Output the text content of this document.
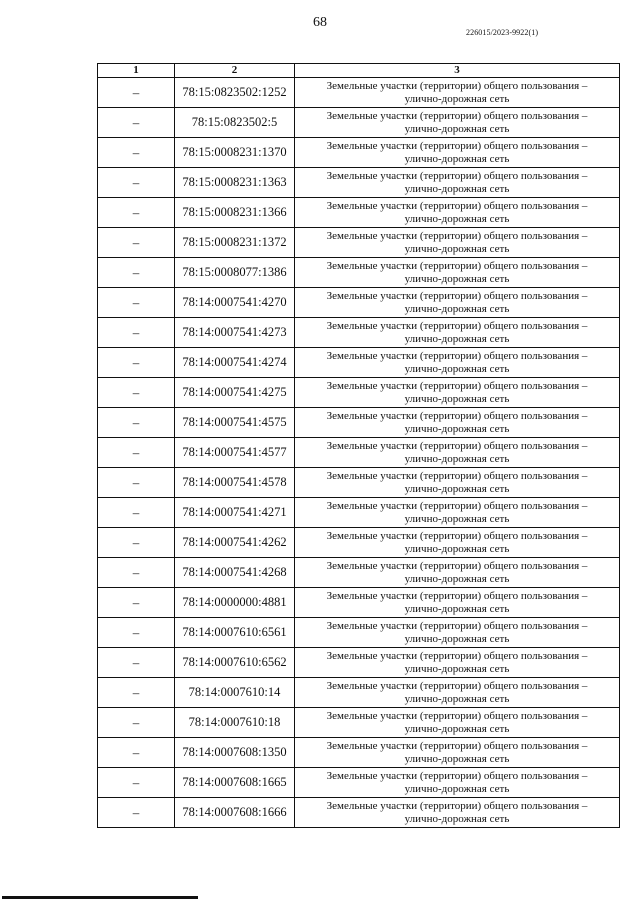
68
226015/2023-9922(1)
1	2	3
–	78:15:0823502:1252	Земельные участки (территории) общего пользования –
улично-дорожная сеть

–	78:15:0823502:5	Земельные участки (территории) общего пользования –
улично-дорожная сеть

–	78:15:0008231:1370	Земельные участки (территории) общего пользования –
улично-дорожная сеть

–	78:15:0008231:1363	Земельные участки (территории) общего пользования –
улично-дорожная сеть

–	78:15:0008231:1366	Земельные участки (территории) общего пользования –
улично-дорожная сеть

–	78:15:0008231:1372	Земельные участки (территории) общего пользования –
улично-дорожная сеть

–	78:15:0008077:1386	Земельные участки (территории) общего пользования –
улично-дорожная сеть

–	78:14:0007541:4270	Земельные участки (территории) общего пользования –
улично-дорожная сеть

–	78:14:0007541:4273	Земельные участки (территории) общего пользования –
улично-дорожная сеть

–	78:14:0007541:4274	Земельные участки (территории) общего пользования –
улично-дорожная сеть

–	78:14:0007541:4275	Земельные участки (территории) общего пользования –
улично-дорожная сеть

–	78:14:0007541:4575	Земельные участки (территории) общего пользования –
улично-дорожная сеть

–	78:14:0007541:4577	Земельные участки (территории) общего пользования –
улично-дорожная сеть

–	78:14:0007541:4578	Земельные участки (территории) общего пользования –
улично-дорожная сеть

–	78:14:0007541:4271	Земельные участки (территории) общего пользования –
улично-дорожная сеть

–	78:14:0007541:4262	Земельные участки (территории) общего пользования –
улично-дорожная сеть

–	78:14:0007541:4268	Земельные участки (территории) общего пользования –
улично-дорожная сеть

–	78:14:0000000:4881	Земельные участки (территории) общего пользования –
улично-дорожная сеть

–	78:14:0007610:6561	Земельные участки (территории) общего пользования –
улично-дорожная сеть

–	78:14:0007610:6562	Земельные участки (территории) общего пользования –
улично-дорожная сеть

–	78:14:0007610:14	Земельные участки (территории) общего пользования –
улично-дорожная сеть

–	78:14:0007610:18	Земельные участки (территории) общего пользования –
улично-дорожная сеть

–	78:14:0007608:1350	Земельные участки (территории) общего пользования –
улично-дорожная сеть

–	78:14:0007608:1665	Земельные участки (территории) общего пользования –
улично-дорожная сеть

–	78:14:0007608:1666	Земельные участки (территории) общего пользования –
улично-дорожная сеть
